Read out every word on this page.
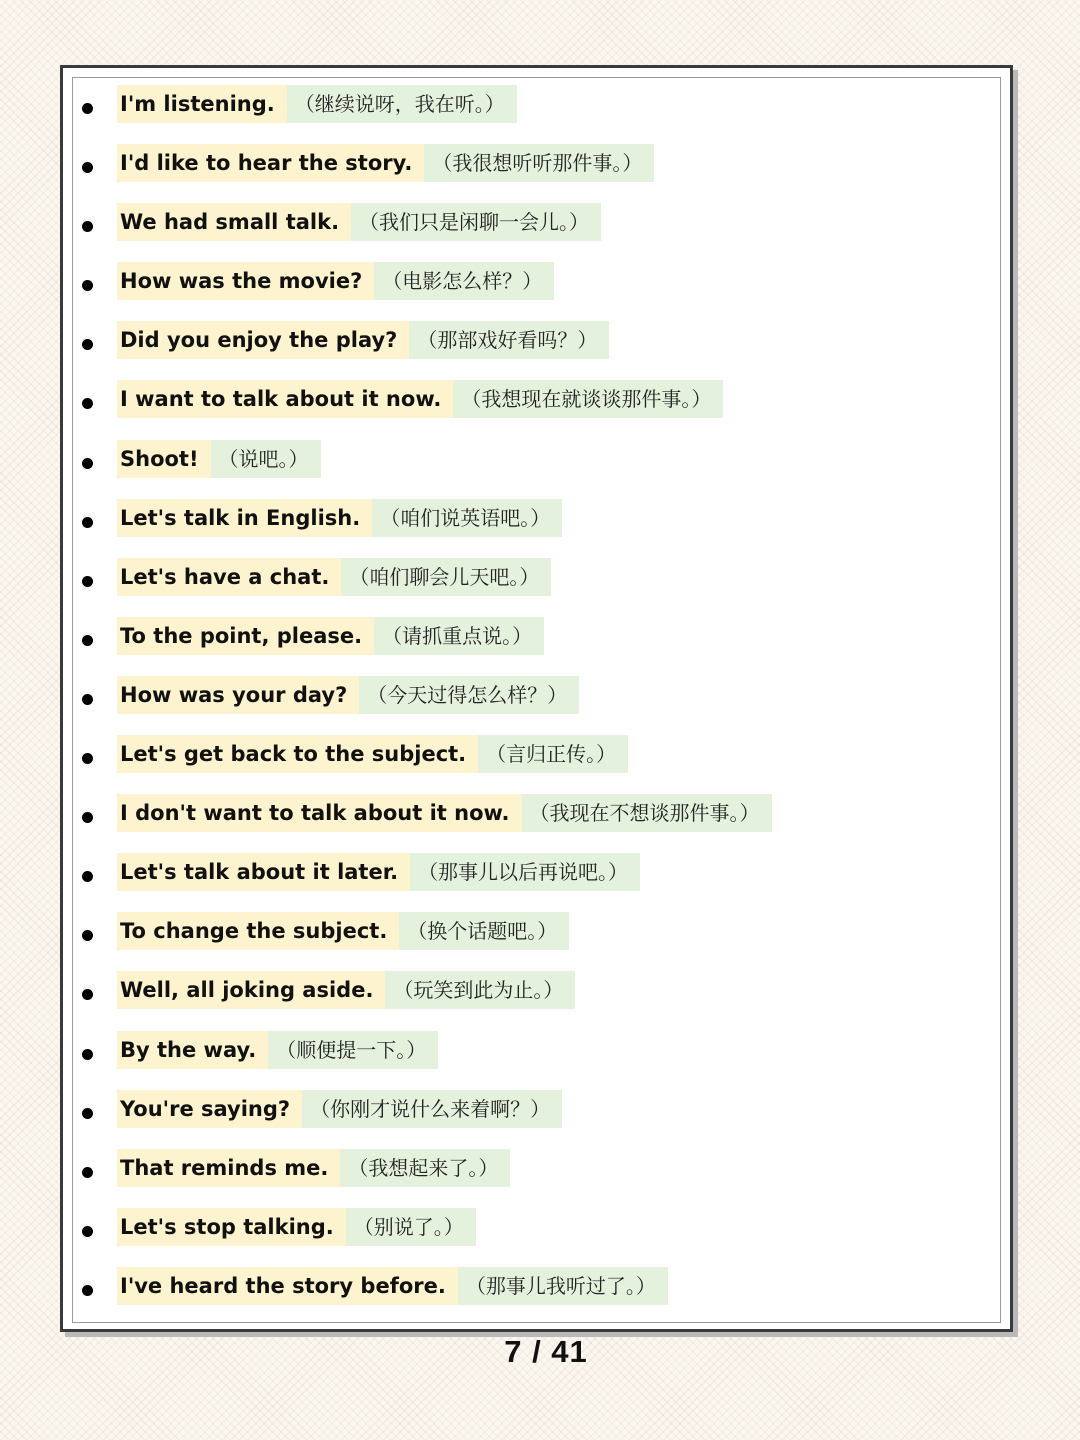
I'm listening.	（继续说呀，我在听。）
I'd like to hear the story.	（我很想听听那件事。）
We had small talk.	（我们只是闲聊一会儿。）
How was the movie?	（电影怎么样？）
Did you enjoy the play?	（那部戏好看吗？）
I want to talk about it now.	（我想现在就谈谈那件事。）
Shoot!	（说吧。）
Let's talk in English.	（咱们说英语吧。）
Let's have a chat.	（咱们聊会儿天吧。）
To the point, please.	（请抓重点说。）
How was your day?	（今天过得怎么样？）
Let's get back to the subject.	（言归正传。）
I don't want to talk about it now.	（我现在不想谈那件事。）
Let's talk about it later.	（那事儿以后再说吧。）
To change the subject.	（换个话题吧。）
Well, all joking aside.	（玩笑到此为止。）
By the way.	（顺便提一下。）
You're saying?	（你刚才说什么来着啊？）
That reminds me.	（我想起来了。）
Let's stop talking.	（别说了。）
I've heard the story before.	（那事儿我听过了。）
7 / 41
